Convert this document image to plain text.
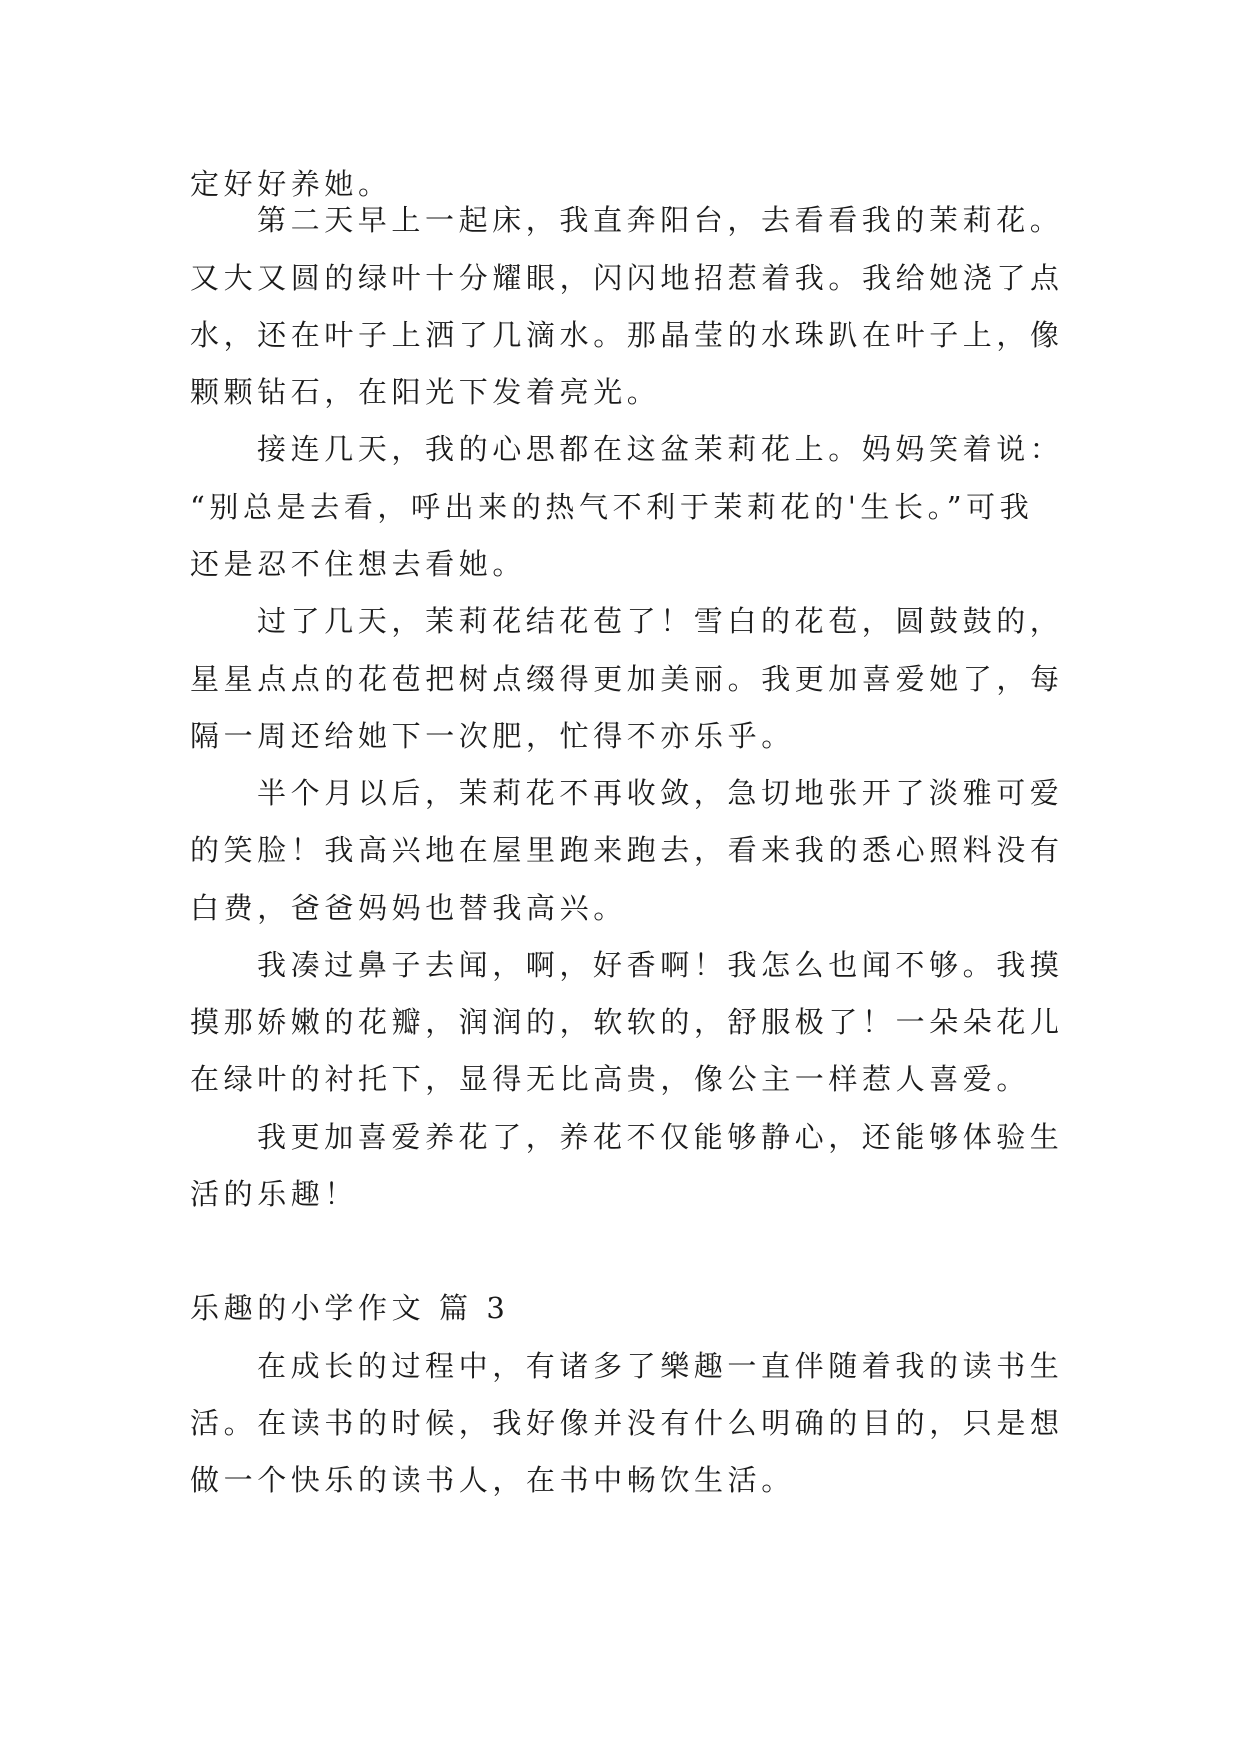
定好好养她。
第二天早上一起床，我直奔阳台，去看看我的茉莉花。
又大又圆的绿叶十分耀眼，闪闪地招惹着我。我给她浇了点
水，还在叶子上洒了几滴水。那晶莹的水珠趴在叶子上，像
颗颗钻石，在阳光下发着亮光。
接连几天，我的心思都在这盆茉莉花上。妈妈笑着说：
“别总是去看，呼出来的热气不利于茉莉花的'生长。”可我
还是忍不住想去看她。
过了几天，茉莉花结花苞了！雪白的花苞，圆鼓鼓的，
星星点点的花苞把树点缀得更加美丽。我更加喜爱她了，每
隔一周还给她下一次肥，忙得不亦乐乎。
半个月以后，茉莉花不再收敛，急切地张开了淡雅可爱
的笑脸！我高兴地在屋里跑来跑去，看来我的悉心照料没有
白费，爸爸妈妈也替我高兴。
我凑过鼻子去闻，啊，好香啊！我怎么也闻不够。我摸
摸那娇嫩的花瓣，润润的，软软的，舒服极了！一朵朵花儿
在绿叶的衬托下，显得无比高贵，像公主一样惹人喜爱。
我更加喜爱养花了，养花不仅能够静心，还能够体验生
活的乐趣！
乐趣的小学作文 篇 3
在成长的过程中，有诸多了樂趣一直伴随着我的读书生
活。在读书的时候，我好像并没有什么明确的目的，只是想
做一个快乐的读书人，在书中畅饮生活。
